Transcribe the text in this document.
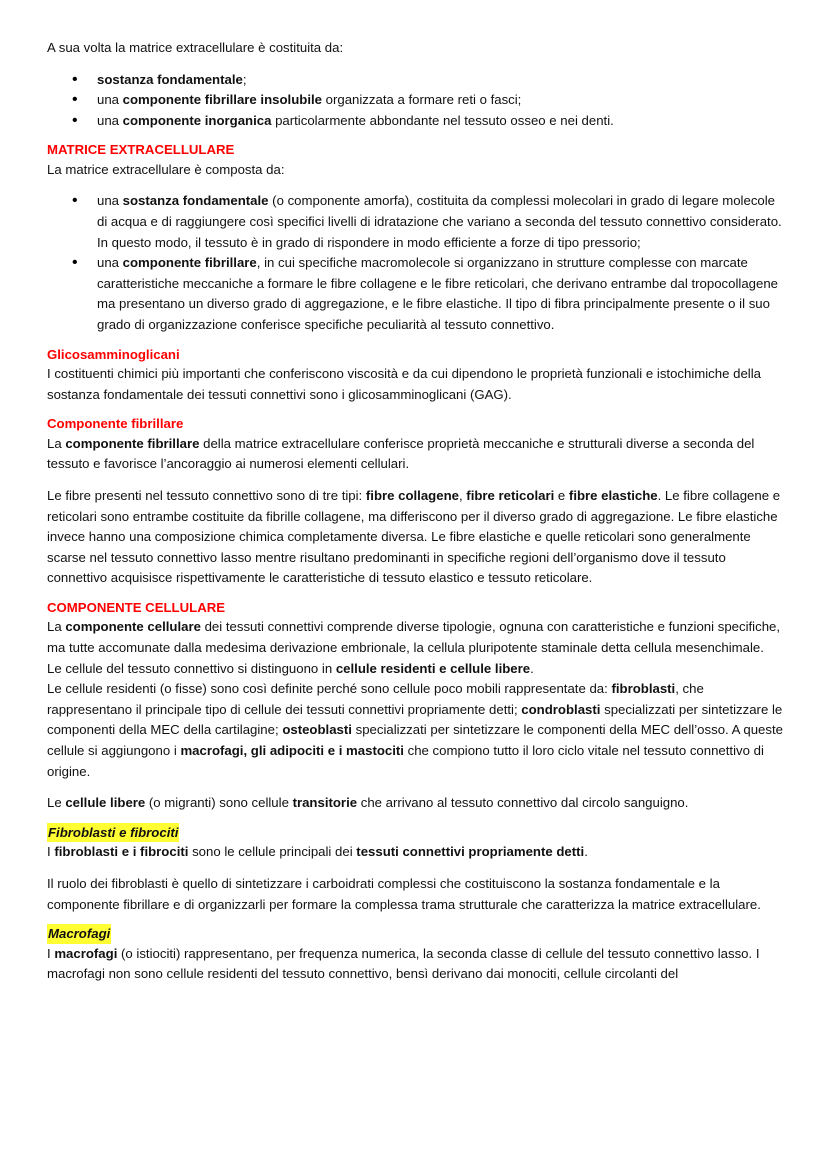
A sua volta la matrice extracellulare è costituita da:

• sostanza fondamentale;
• una componente fibrillare insolubile organizzata a formare reti o fasci;
• una componente inorganica particolarmente abbondante nel tessuto osseo e nei denti.
MATRICE EXTRACELLULARE

La matrice extracellulare è composta da:

• una sostanza fondamentale (o componente amorfa), costituita da complessi molecolari in grado di legare molecole di acqua e di raggiungere così specifici livelli di idratazione che variano a seconda del tessuto connettivo considerato. In questo modo, il tessuto è in grado di rispondere in modo efficiente a forze di tipo pressorio;
• una componente fibrillare, in cui specifiche macromolecole si organizzano in strutture complesse con marcate caratteristiche meccaniche a formare le fibre collagene e le fibre reticolari, che derivano entrambe dal tropocollagene ma presentano un diverso grado di aggregazione, e le fibre elastiche. Il tipo di fibra principalmente presente o il suo grado di organizzazione conferisce specifiche peculiarità al tessuto connettivo.
Glicosamminoglicani

I costituenti chimici più importanti che conferiscono viscosità e da cui dipendono le proprietà funzionali e istochimiche della sostanza fondamentale dei tessuti connettivi sono i glicosamminoglicani (GAG).

Componente fibrillare

La componente fibrillare della matrice extracellulare conferisce proprietà meccaniche e strutturali diverse a seconda del tessuto e favorisce l’ancoraggio ai numerosi elementi cellulari.

Le fibre presenti nel tessuto connettivo sono di tre tipi: fibre collagene, fibre reticolari e fibre elastiche. Le fibre collagene e reticolari sono entrambe costituite da fibrille collagene, ma differiscono per il diverso grado di aggregazione. Le fibre elastiche invece hanno una composizione chimica completamente diversa. Le fibre elastiche e quelle reticolari sono generalmente scarse nel tessuto connettivo lasso mentre risultano predominanti in specifiche regioni dell’organismo dove il tessuto connettivo acquisisce rispettivamente le caratteristiche di tessuto elastico e tessuto reticolare.

COMPONENTE CELLULARE

La componente cellulare dei tessuti connettivi comprende diverse tipologie, ognuna con caratteristiche e funzioni specifiche, ma tutte accomunate dalla medesima derivazione embrionale, la cellula pluripotente staminale detta cellula mesenchimale.

Le cellule del tessuto connettivo si distinguono in cellule residenti e cellule libere.

Le cellule residenti (o fisse) sono così definite perché sono cellule poco mobili rappresentate da: fibroblasti, che rappresentano il principale tipo di cellule dei tessuti connettivi propriamente detti; condroblasti specializzati per sintetizzare le componenti della MEC della cartilagine; osteoblasti specializzati per sintetizzare le componenti della MEC dell’osso. A queste cellule si aggiungono i macrofagi, gli adipociti e i mastociti che compiono tutto il loro ciclo vitale nel tessuto connettivo di origine.

Le cellule libere (o migranti) sono cellule transitorie che arrivano al tessuto connettivo dal circolo sanguigno.

Fibroblasti e fibrociti

I fibroblasti e i fibrociti sono le cellule principali dei tessuti connettivi propriamente detti.

Il ruolo dei fibroblasti è quello di sintetizzare i carboidrati complessi che costituiscono la sostanza fondamentale e la componente fibrillare e di organizzarli per formare la complessa trama strutturale che caratterizza la matrice extracellulare.

Macrofagi

I macrofagi (o istiociti) rappresentano, per frequenza numerica, la seconda classe di cellule del tessuto connettivo lasso. I macrofagi non sono cellule residenti del tessuto connettivo, bensì derivano dai monociti, cellule circolanti del
